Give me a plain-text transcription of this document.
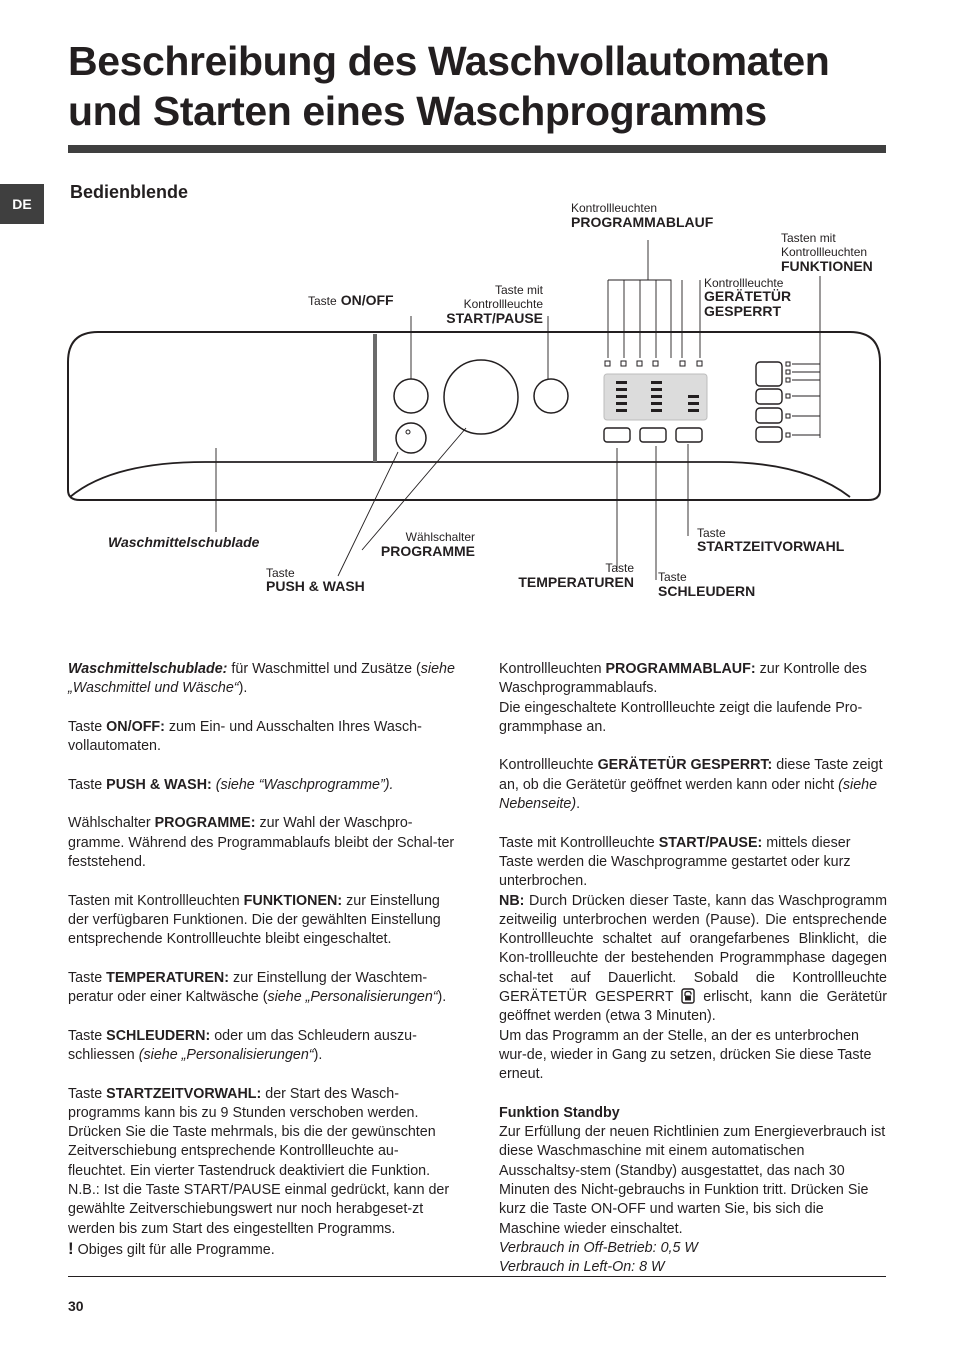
Beschreibung des Waschvollautomaten
und Starten eines Waschprogramms
DE
Bedienblende
Kontrollleuchten
PROGRAMMABLAUF
Tasten mit
Kontrollleuchten
FUNKTIONEN
Kontrollleuchte
GERÄTETÜR
GESPERRT
Taste ON/OFF
Taste mit
Kontrollleuchte
START/PAUSE
Waschmittelschublade
Taste
PUSH & WASH
Wählschalter
PROGRAMME
Taste
TEMPERATUREN Taste
SCHLEUDERN
Taste
STARTZEITVORWAHL

Waschmittelschublade: für Waschmittel und Zusätze (siehe „Waschmittel und Wäsche“).

Taste ON/OFF: zum Ein- und Ausschalten Ihres Wasch-vollautomaten.

Taste PUSH & WASH: (siehe “Waschprogramme”).

Wählschalter PROGRAMME: zur Wahl der Waschpro-gramme. Während des Programmablaufs bleibt der Schal-ter feststehend.

Tasten mit Kontrollleuchten FUNKTIONEN: zur Einstellung der verfügbaren Funktionen. Die der gewählten Einstellung entsprechende Kontrollleuchte bleibt eingeschaltet.

Taste TEMPERATUREN: zur Einstellung der Waschtem-peratur oder einer Kaltwäsche (siehe „Personalisierungen“).

Taste SCHLEUDERN: oder um das Schleudern auszu-schliessen (siehe „Personalisierungen“).

Taste STARTZEITVORWAHL: der Start des Wasch-programms kann bis zu 9 Stunden verschoben werden. Drücken Sie die Taste mehrmals, bis die der gewünschten Zeitverschiebung entsprechende Kontrollleuchte au-fleuchtet. Ein vierter Tastendruck deaktiviert die Funktion. N.B.: Ist die Taste START/PAUSE einmal gedrückt, kann der gewählte Zeitverschiebungswert nur noch herabgeset-zt werden bis zum Start des eingestellten Programms.

! Obiges gilt für alle Programme.

Kontrollleuchten PROGRAMMABLAUF: zur Kontrolle des Waschprogrammablaufs.
Die eingeschaltete Kontrollleuchte zeigt die laufende Pro-grammphase an.

Kontrollleuchte GERÄTETÜR GESPERRT: diese Taste zeigt an, ob die Gerätetür geöffnet werden kann oder nicht (siehe Nebenseite).

Taste mit Kontrollleuchte START/PAUSE: mittels dieser Taste werden die Waschprogramme gestartet oder kurz unterbrochen.

NB: Durch Drücken dieser Taste, kann das Waschprogramm zeitweilig unterbrochen werden (Pause). Die entsprechende Kontrollleuchte schaltet auf orangefarbenes Blinklicht, die Kon-trollleuchte der bestehenden Programmphase dagegen schal-tet auf Dauerlicht. Sobald die Kontrollleuchte GERÄTETÜR GESPERRT  erlischt, kann die Gerätetür geöffnet werden (etwa 3 Minuten).

Um das Programm an der Stelle, an der es unterbrochen wur-de, wieder in Gang zu setzen, drücken Sie diese Taste erneut.

Funktion Standby
Zur Erfüllung der neuen Richtlinien zum Energieverbrauch ist diese Waschmaschine mit einem automatischen Ausschaltsy-stem (Standby) ausgestattet, das nach 30 Minuten des Nicht-gebrauchs in Funktion tritt. Drücken Sie kurz die Taste ON-OFF und warten Sie, bis sich die Maschine wieder einschaltet.
Verbrauch in Off-Betrieb: 0,5 W
Verbrauch in Left-On: 8 W

30
